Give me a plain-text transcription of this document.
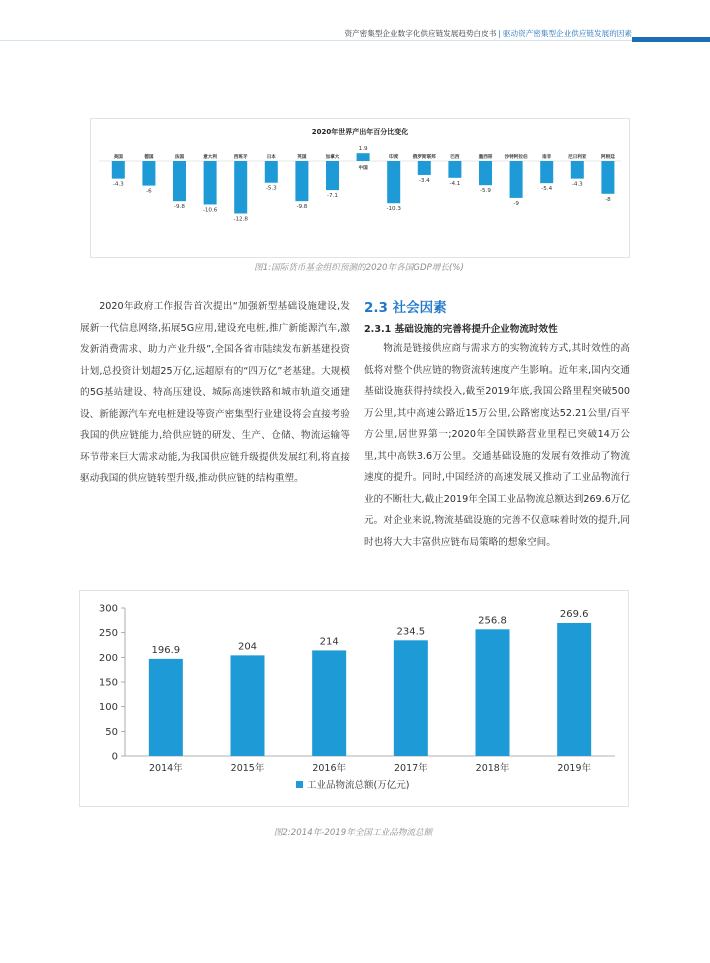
资产密集型企业数字化供应链发展趋势白皮书 | 驱动资产密集型企业供应链发展的因素
2020年世界产出年百分比变化
美国
-4.3
德国
-6
法国
-9.8
意大利
-10.6
西班牙
-12.8
日本
-5.3
英国
-9.8
加拿大
-7.1
中国
1.9
印度
-10.3
俄罗斯联邦
-3.4
巴西
-4.1
墨西哥
-5.9
沙特阿拉伯
-9
南非
-5.4
尼日利亚
-4.3
阿根廷
-8
图1:国际货币基金组织预测的2020年各国GDP增长(%)

2020年政府工作报告首次提出“加强新型基础设施建设,发展新一代信息网络,拓展5G应用,建设充电桩,推广新能源汽车,激发新消费需求、助力产业升级”,全国各省市陆续发布新基建投资计划,总投资计划超25万亿,远超原有的“四万亿”老基建。大规模的5G基站建设、特高压建设、城际高速铁路和城市轨道交通建设、新能源汽车充电桩建设等资产密集型行业建设将会直接考验我国的供应链能力,给供应链的研发、生产、仓储、物流运输等环节带来巨大需求动能,为我国供应链升级提供发展红利,将直接驱动我国的供应链转型升级,推动供应链的结构重塑。

2.3 社会因素
2.3.1 基础设施的完善将提升企业物流时效性

物流是链接供应商与需求方的实物流转方式,其时效性的高低将对整个供应链的物资流转速度产生影响。近年来,国内交通基础设施获得持续投入,截至2019年底,我国公路里程突破500万公里,其中高速公路近15万公里,公路密度达52.21公里/百平方公里,居世界第一;2020年全国铁路营业里程已突破14万公里,其中高铁3.6万公里。交通基础设施的发展有效推动了物流速度的提升。同时,中国经济的高速发展又推动了工业品物流行业的不断壮大,截止2019年全国工业品物流总额达到269.6万亿元。对企业来说,物流基础设施的完善不仅意味着时效的提升,同时也将大大丰富供应链布局策略的想象空间。

0
50
100
150
200
250
300
196.9
2014年
204
2015年
214
2016年
234.5
2017年
256.8
2018年
269.6
2019年
工业品物流总额(万亿元)
图2:2014年-2019年全国工业品物流总额
